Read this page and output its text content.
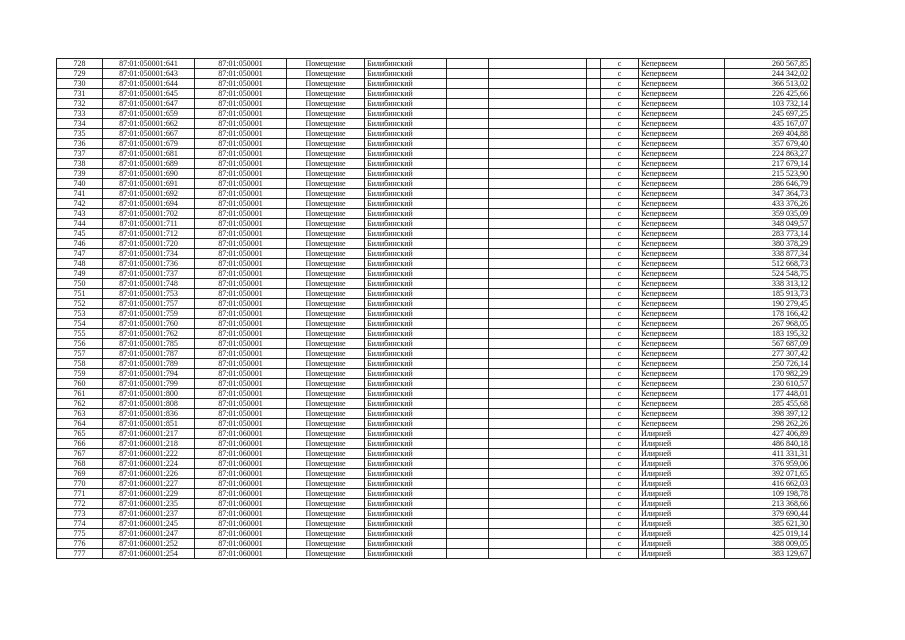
728	87:01:050001:641	87:01:050001	Помещение	Билибинский				с	Кепервеем	260 567,85
729	87:01:050001:643	87:01:050001	Помещение	Билибинский				с	Кепервеем	244 342,02
730	87:01:050001:644	87:01:050001	Помещение	Билибинский				с	Кепервеем	366 513,02
731	87:01:050001:645	87:01:050001	Помещение	Билибинский				с	Кепервеем	226 425,66
732	87:01:050001:647	87:01:050001	Помещение	Билибинский				с	Кепервеем	103 732,14
733	87:01:050001:659	87:01:050001	Помещение	Билибинский				с	Кепервеем	245 697,25
734	87:01:050001:662	87:01:050001	Помещение	Билибинский				с	Кепервеем	435 167,07
735	87:01:050001:667	87:01:050001	Помещение	Билибинский				с	Кепервеем	269 404,88
736	87:01:050001:679	87:01:050001	Помещение	Билибинский				с	Кепервеем	357 679,40
737	87:01:050001:681	87:01:050001	Помещение	Билибинский				с	Кепервеем	224 863,27
738	87:01:050001:689	87:01:050001	Помещение	Билибинский				с	Кепервеем	217 679,14
739	87:01:050001:690	87:01:050001	Помещение	Билибинский				с	Кепервеем	215 523,90
740	87:01:050001:691	87:01:050001	Помещение	Билибинский				с	Кепервеем	286 646,79
741	87:01:050001:692	87:01:050001	Помещение	Билибинский				с	Кепервеем	347 364,73
742	87:01:050001:694	87:01:050001	Помещение	Билибинский				с	Кепервеем	433 376,26
743	87:01:050001:702	87:01:050001	Помещение	Билибинский				с	Кепервеем	359 035,09
744	87:01:050001:711	87:01:050001	Помещение	Билибинский				с	Кепервеем	348 049,57
745	87:01:050001:712	87:01:050001	Помещение	Билибинский				с	Кепервеем	283 773,14
746	87:01:050001:720	87:01:050001	Помещение	Билибинский				с	Кепервеем	380 378,29
747	87:01:050001:734	87:01:050001	Помещение	Билибинский				с	Кепервеем	338 877,34
748	87:01:050001:736	87:01:050001	Помещение	Билибинский				с	Кепервеем	512 668,73
749	87:01:050001:737	87:01:050001	Помещение	Билибинский				с	Кепервеем	524 548,75
750	87:01:050001:748	87:01:050001	Помещение	Билибинский				с	Кепервеем	338 313,12
751	87:01:050001:753	87:01:050001	Помещение	Билибинский				с	Кепервеем	185 913,73
752	87:01:050001:757	87:01:050001	Помещение	Билибинский				с	Кепервеем	190 279,45
753	87:01:050001:759	87:01:050001	Помещение	Билибинский				с	Кепервеем	178 166,42
754	87:01:050001:760	87:01:050001	Помещение	Билибинский				с	Кепервеем	267 968,05
755	87:01:050001:762	87:01:050001	Помещение	Билибинский				с	Кепервеем	183 195,32
756	87:01:050001:785	87:01:050001	Помещение	Билибинский				с	Кепервеем	567 687,09
757	87:01:050001:787	87:01:050001	Помещение	Билибинский				с	Кепервеем	277 307,42
758	87:01:050001:789	87:01:050001	Помещение	Билибинский				с	Кепервеем	250 726,14
759	87:01:050001:794	87:01:050001	Помещение	Билибинский				с	Кепервеем	170 982,29
760	87:01:050001:799	87:01:050001	Помещение	Билибинский				с	Кепервеем	230 610,57
761	87:01:050001:800	87:01:050001	Помещение	Билибинский				с	Кепервеем	177 448,01
762	87:01:050001:808	87:01:050001	Помещение	Билибинский				с	Кепервеем	285 455,68
763	87:01:050001:836	87:01:050001	Помещение	Билибинский				с	Кепервеем	398 397,12
764	87:01:050001:851	87:01:050001	Помещение	Билибинский				с	Кепервеем	298 262,26
765	87:01:060001:217	87:01:060001	Помещение	Билибинский				с	Илирней	427 406,89
766	87:01:060001:218	87:01:060001	Помещение	Билибинский				с	Илирней	486 840,18
767	87:01:060001:222	87:01:060001	Помещение	Билибинский				с	Илирней	411 331,31
768	87:01:060001:224	87:01:060001	Помещение	Билибинский				с	Илирней	376 959,06
769	87:01:060001:226	87:01:060001	Помещение	Билибинский				с	Илирней	392 071,65
770	87:01:060001:227	87:01:060001	Помещение	Билибинский				с	Илирней	416 662,03
771	87:01:060001:229	87:01:060001	Помещение	Билибинский				с	Илирней	109 198,78
772	87:01:060001:235	87:01:060001	Помещение	Билибинский				с	Илирней	213 368,66
773	87:01:060001:237	87:01:060001	Помещение	Билибинский				с	Илирней	379 690,44
774	87:01:060001:245	87:01:060001	Помещение	Билибинский				с	Илирней	385 621,30
775	87:01:060001:247	87:01:060001	Помещение	Билибинский				с	Илирней	425 019,14
776	87:01:060001:252	87:01:060001	Помещение	Билибинский				с	Илирней	388 009,05
777	87:01:060001:254	87:01:060001	Помещение	Билибинский				с	Илирней	383 129,67
